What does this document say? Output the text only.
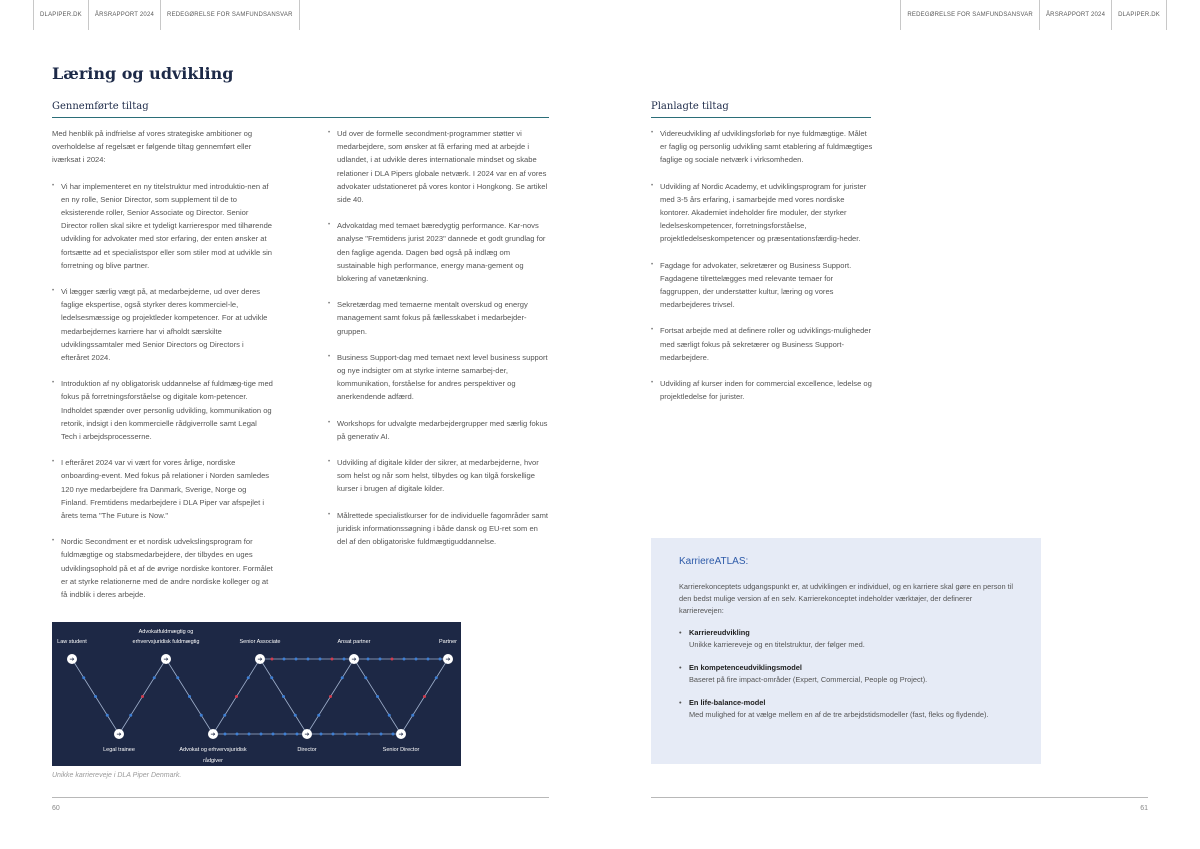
DLAPIPER.DK	ÅRSRAPPORT 2024	REDEGØRELSE FOR SAMFUNDSANSVAR	REDEGØRELSE FOR SAMFUNDSANSVAR	ÅRSRAPPORT 2024	DLAPIPER.DK
Læring og udvikling
Gennemførte tiltag	Planlagte tiltag

Med henblik på indfrielse af vores strategiske ambitioner og overholdelse af regelsæt er følgende tiltag gennemført eller iværksat i 2024:

• Vi har implementeret en ny titelstruktur med introduktio-nen af en ny rolle, Senior Director, som supplement til de to eksisterende roller, Senior Associate og Director. Senior Director rollen skal sikre et tydeligt karrierespor med tilhørende udvikling for advokater med stor erfaring, der enten ønsker at fortsætte ad et specialistspor eller som stiler mod at udvikle sin forretning og blive partner.
• Vi lægger særlig vægt på, at medarbejderne, ud over deres faglige ekspertise, også styrker deres kommerciel-le, ledelsesmæssige og projektleder kompetencer. For at udvikle medarbejdernes karriere har vi afholdt særskilte udviklingssamtaler med Senior Directors og Directors i efteråret 2024.
• Introduktion af ny obligatorisk uddannelse af fuldmæg-tige med fokus på forretningsforståelse og digitale kom-petencer. Indholdet spænder over personlig udvikling, kommunikation og retorik, indsigt i den kommercielle rådgiverrolle samt Legal Tech i arbejdsprocesserne.
• I efteråret 2024 var vi vært for vores årlige, nordiske onboarding-event. Med fokus på relationer i Norden samledes 120 nye medarbejdere fra Danmark, Sverige, Norge og Finland. Fremtidens medarbejdere i DLA Piper var afspejlet i årets tema "The Future is Now."
• Nordic Secondment er et nordisk udvekslingsprogram for fuldmægtige og stabsmedarbejdere, der tilbydes en uges udviklingsophold på et af de øvrige nordiske kontorer. Formålet er at styrke relationerne med de andre nordiske kolleger og at få indblik i deres arbejde.
• Ud over de formelle secondment-programmer støtter vi medarbejdere, som ønsker at få erfaring med at arbejde i udlandet, i at udvikle deres internationale mindset og skabe relationer i DLA Pipers globale netværk. I 2024 var en af vores advokater udstationeret på vores kontor i Hongkong. Se artikel side 40.
• Advokatdag med temaet bæredygtig performance. Kar-novs analyse "Fremtidens jurist 2023" dannede et godt grundlag for den faglige agenda. Dagen bød også på indlæg om sustainable high performance, energy mana-gement og blokering af vanetænkning.
• Sekretærdag med temaerne mentalt overskud og energy management samt fokus på fællesskabet i medarbejder-gruppen.
• Business Support-dag med temaet next level business support og nye indsigter om at styrke interne samarbej-der, kommunikation, forståelse for andres perspektiver og anerkendende adfærd.
• Workshops for udvalgte medarbejdergrupper med særlig fokus på generativ AI.
• Udvikling af digitale kilder der sikrer, at medarbejderne, hvor som helst og når som helst, tilbydes og kan tilgå forskellige kurser i brugen af digitale kilder.
• Målrettede specialistkurser for de individuelle fagområder samt juridisk informationssøgning i både dansk og EU-ret som en del af den obligatoriske fuldmægtiguddannelse.
• Videreudvikling af udviklingsforløb for nye fuldmægtige. Målet er faglig og personlig udvikling samt etablering af fuldmægtiges faglige og sociale netværk i virksomheden.
• Udvikling af Nordic Academy, et udviklingsprogram for jurister med 3-5 års erfaring, i samarbejde med vores nordiske kontorer. Akademiet indeholder fire moduler, der styrker ledelseskompetencer, forretningsforståelse, projektledelseskompetencer og præsentationsfærdig-heder.
• Fagdage for advokater, sekretærer og Business Support. Fagdagene tilrettelægges med relevante temaer for faggruppen, der understøtter kultur, læring og vores medarbejderes trivsel.
• Fortsat arbejde med at definere roller og udviklings-muligheder med særligt fokus på sekretærer og Business Support-medarbejdere.
• Udvikling af kurser inden for commercial excellence, ledelse og projektledelse for jurister.
Law student
Advokatfuldmægtig og
erhvervsjuridisk fuldmægtig	Senior Associate	Ansat partner	Partner
Legal trainee	Advokat og erhvervsjuridisk
rådgiver
Director	Senior Director
➔	➔	➔	➔	➔
➔	➔	➔	➔
Unikke karriereveje i DLA Piper Denmark.
KarriereATLAS:

Karrierekonceptets udgangspunkt er, at udviklingen er individuel, og en karriere skal gøre en person til den bedst mulige version af en selv. Karrierekonceptet indeholder værktøjer, der definerer karrierevejen:

• Karriereudvikling
Unikke karriereveje og en titelstruktur, der følger med.
• En kompetenceudviklingsmodel
Baseret på fire impact-områder (Expert, Commercial, People og Project).
• En life-balance-model
Med mulighed for at vælge mellem en af de tre arbejdstidsmodeller (fast, fleks og flydende).
60	61
